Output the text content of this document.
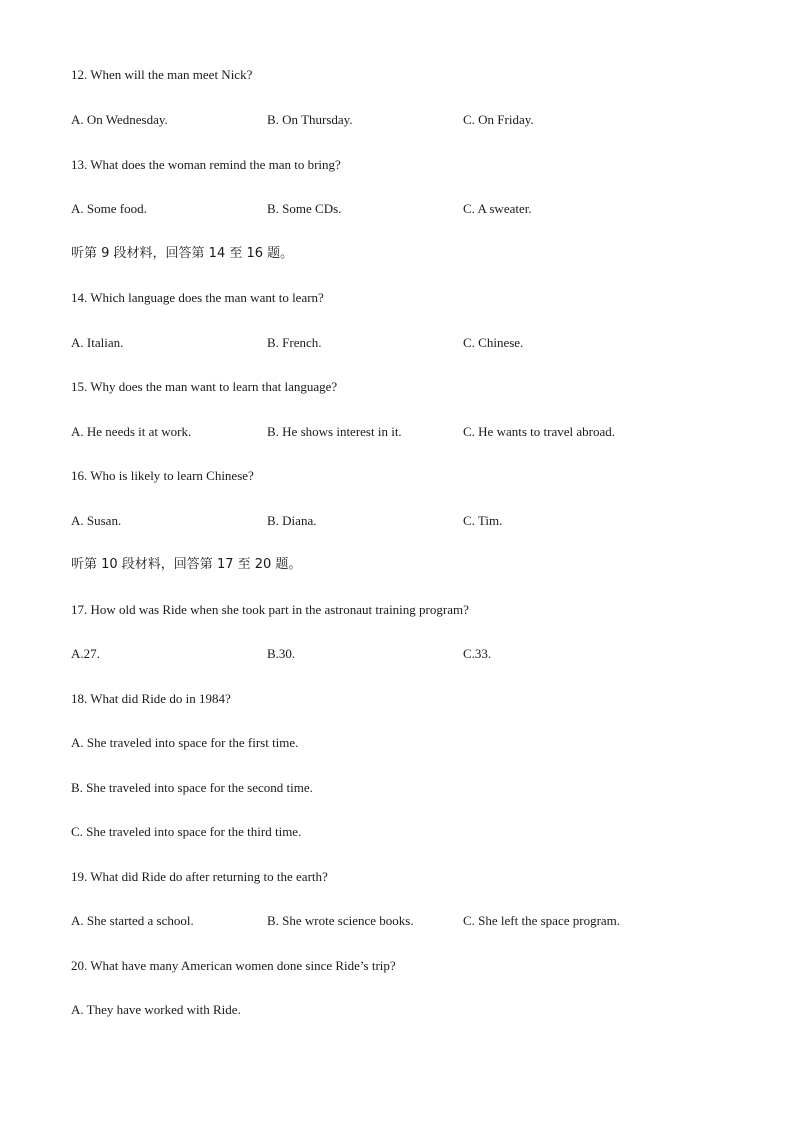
12. When will the man meet Nick?
A. On Wednesday.	B. On Thursday.	C. On Friday.
13. What does the woman remind the man to bring?
A. Some food.	B. Some CDs.	C. A sweater.
听第 9 段材料，回答第 14 至 16 题。
14. Which language does the man want to learn?
A. Italian.	B. French.	C. Chinese.
15. Why does the man want to learn that language?
A. He needs it at work.	B. He shows interest in it.	C. He wants to travel abroad.
16. Who is likely to learn Chinese?
A. Susan.	B. Diana.	C. Tim.
听第 10 段材料，回答第 17 至 20 题。
17. How old was Ride when she took part in the astronaut training program?
A.27.	B.30.	C.33.
18. What did Ride do in 1984?
A. She traveled into space for the first time.
B. She traveled into space for the second time.
C. She traveled into space for the third time.
19. What did Ride do after returning to the earth?
A. She started a school.	B. She wrote science books.	C. She left the space program.
20. What have many American women done since Ride’s trip?
A. They have worked with Ride.
